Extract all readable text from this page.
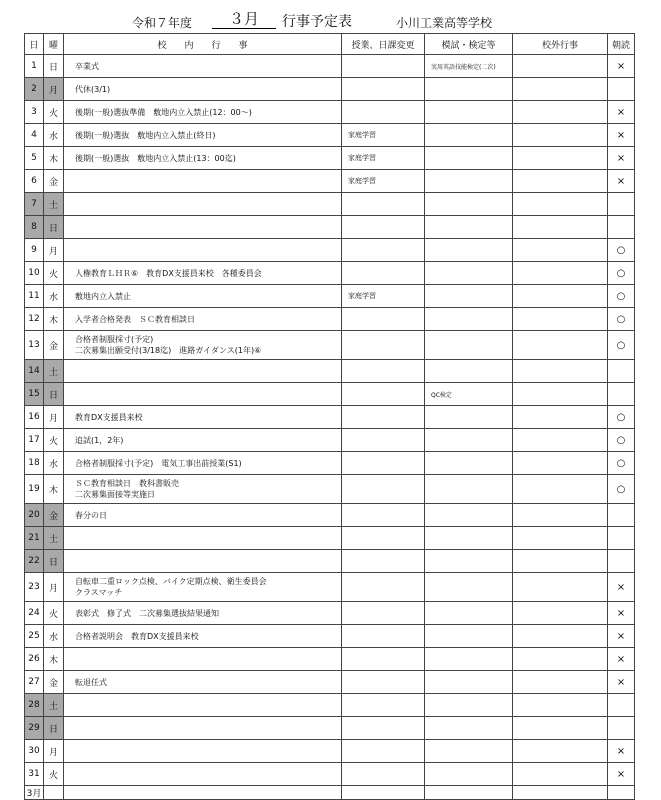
令和７年度	３月	行事予定表	小川工業高等学校
日	曜	校　　内　　行　　事	授業、日課変更	模試・検定等	校外行事	朝読
1	日	卒業式		実用英語技能検定(二次)		×
2	月	代休(3/1)				

3	火	後期(一般)選抜準備　敷地内立入禁止(12：00〜)				×
4	水	後期(一般)選抜　敷地内立入禁止(終日)	家庭学習			×
5	木	後期(一般)選抜　敷地内立入禁止(13：00迄)	家庭学習			×
6	金		家庭学習			×
7	土					
8	日					
9	月					○
10	火	人権教育ＬＨＲ⑥　教育DX支援員来校　各種委員会				○
11	水	敷地内立入禁止	家庭学習			○
12	木	入学者合格発表　ＳＣ教育相談日				○
13	金	合格者制服採寸(予定)
二次募集出願受付(3/18迄)　進路ガイダンス(1年)⑥				○
14	土					
15	日			QC検定		
16	月	教育DX支援員来校				○
17	火	追試(1，2年)				○
18	水	合格者制服採寸(予定)　電気工事出前授業(S1)				○
19	木	ＳＣ教育相談日　教科書販売
二次募集面接等実施日				○
20	金	春分の日				

21	土					
22	日					
23	月	自転車二重ロック点検、バイク定期点検、衛生委員会
クラスマッチ				×
24	火	表彰式　修了式　二次募集選抜結果通知				×
25	水	合格者説明会　教育DX支援員来校				×
26	木					×
27	金	転退任式				×
28	土					
29	日					
30	月					×
31	火					×
3月						
